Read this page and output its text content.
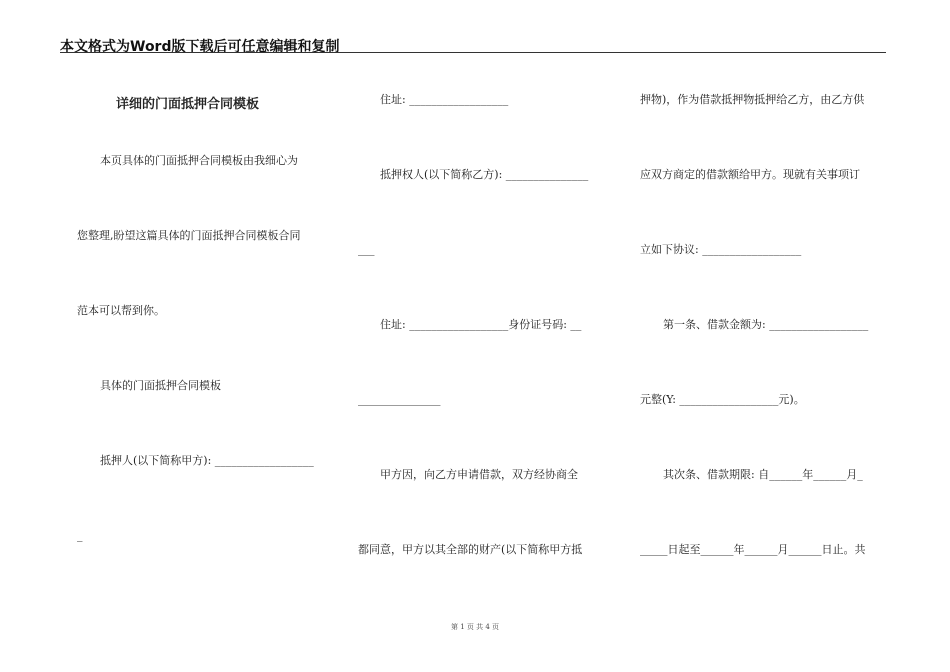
本文格式为Word版下载后可任意编辑和复制
详细的门面抵押合同模板
本页具体的门面抵押合同模板由我细心为
您整理,盼望这篇具体的门面抵押合同模板合同
范本可以帮到你。
具体的门面抵押合同模板
抵押人(以下简称甲方): __________________
_
住址: __________________
抵押权人(以下简称乙方): _______________
___
住址: __________________身份证号码: __
_______________
甲方因，向乙方申请借款，双方经协商全
都同意，甲方以其全部的财产(以下简称甲方抵
押物)，作为借款抵押物抵押给乙方，由乙方供
应双方商定的借款额给甲方。现就有关事项订
立如下协议: __________________
第一条、借款金额为: __________________
元整(Y: __________________元)。
其次条、借款期限: 自______年______月_
_____日起至______年______月______日止。共
第 1 页 共 4 页
